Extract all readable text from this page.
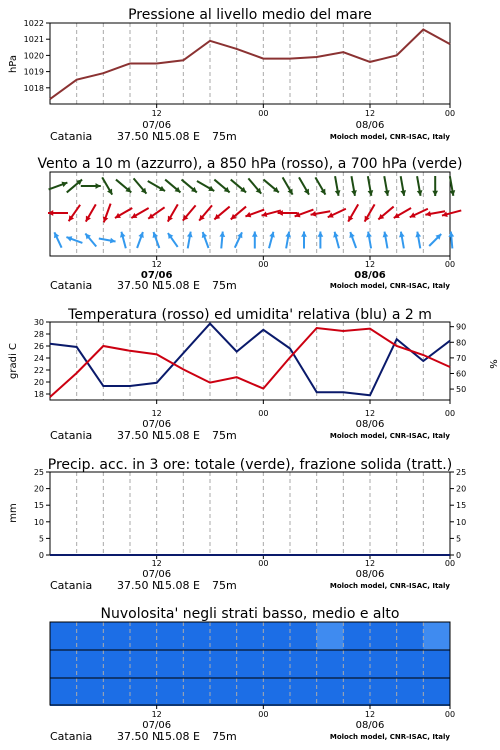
Pressione al livello medio del mare
hPa
1018
1019
1020
1021
1022
12	00	12	00
07/06	08/06
Catania 37.50 N
15.08 E 75m	Moloch model, CNR-ISAC, Italy
Vento a 10 m (azzurro), a 850 hPa (rosso), a 700 hPa (verde)
12	00	12	00
07/06	08/06
Catania 37.50 N
15.08 E 75m	Moloch model, CNR-ISAC, Italy
Temperatura (rosso) ed umidita' relativa (blu) a 2 m
gradi C	%
18
20
22
24
26
28
30
50
60
70
80
90
12	00	12	00
07/06	08/06
Catania 37.50 N
15.08 E 75m	Moloch model, CNR-ISAC, Italy
Precip. acc. in 3 ore: totale (verde), frazione solida (tratt.)
mm
0
5
10
15
20
25
0
5
10
15
20
25
12	00	12	00
07/06	08/06
Catania 37.50 N
15.08 E 75m	Moloch model, CNR-ISAC, Italy
Nuvolosita' negli strati basso, medio e alto
12	00	12	00
07/06	08/06
Catania 37.50 N
15.08 E 75m	Moloch model, CNR-ISAC, Italy
